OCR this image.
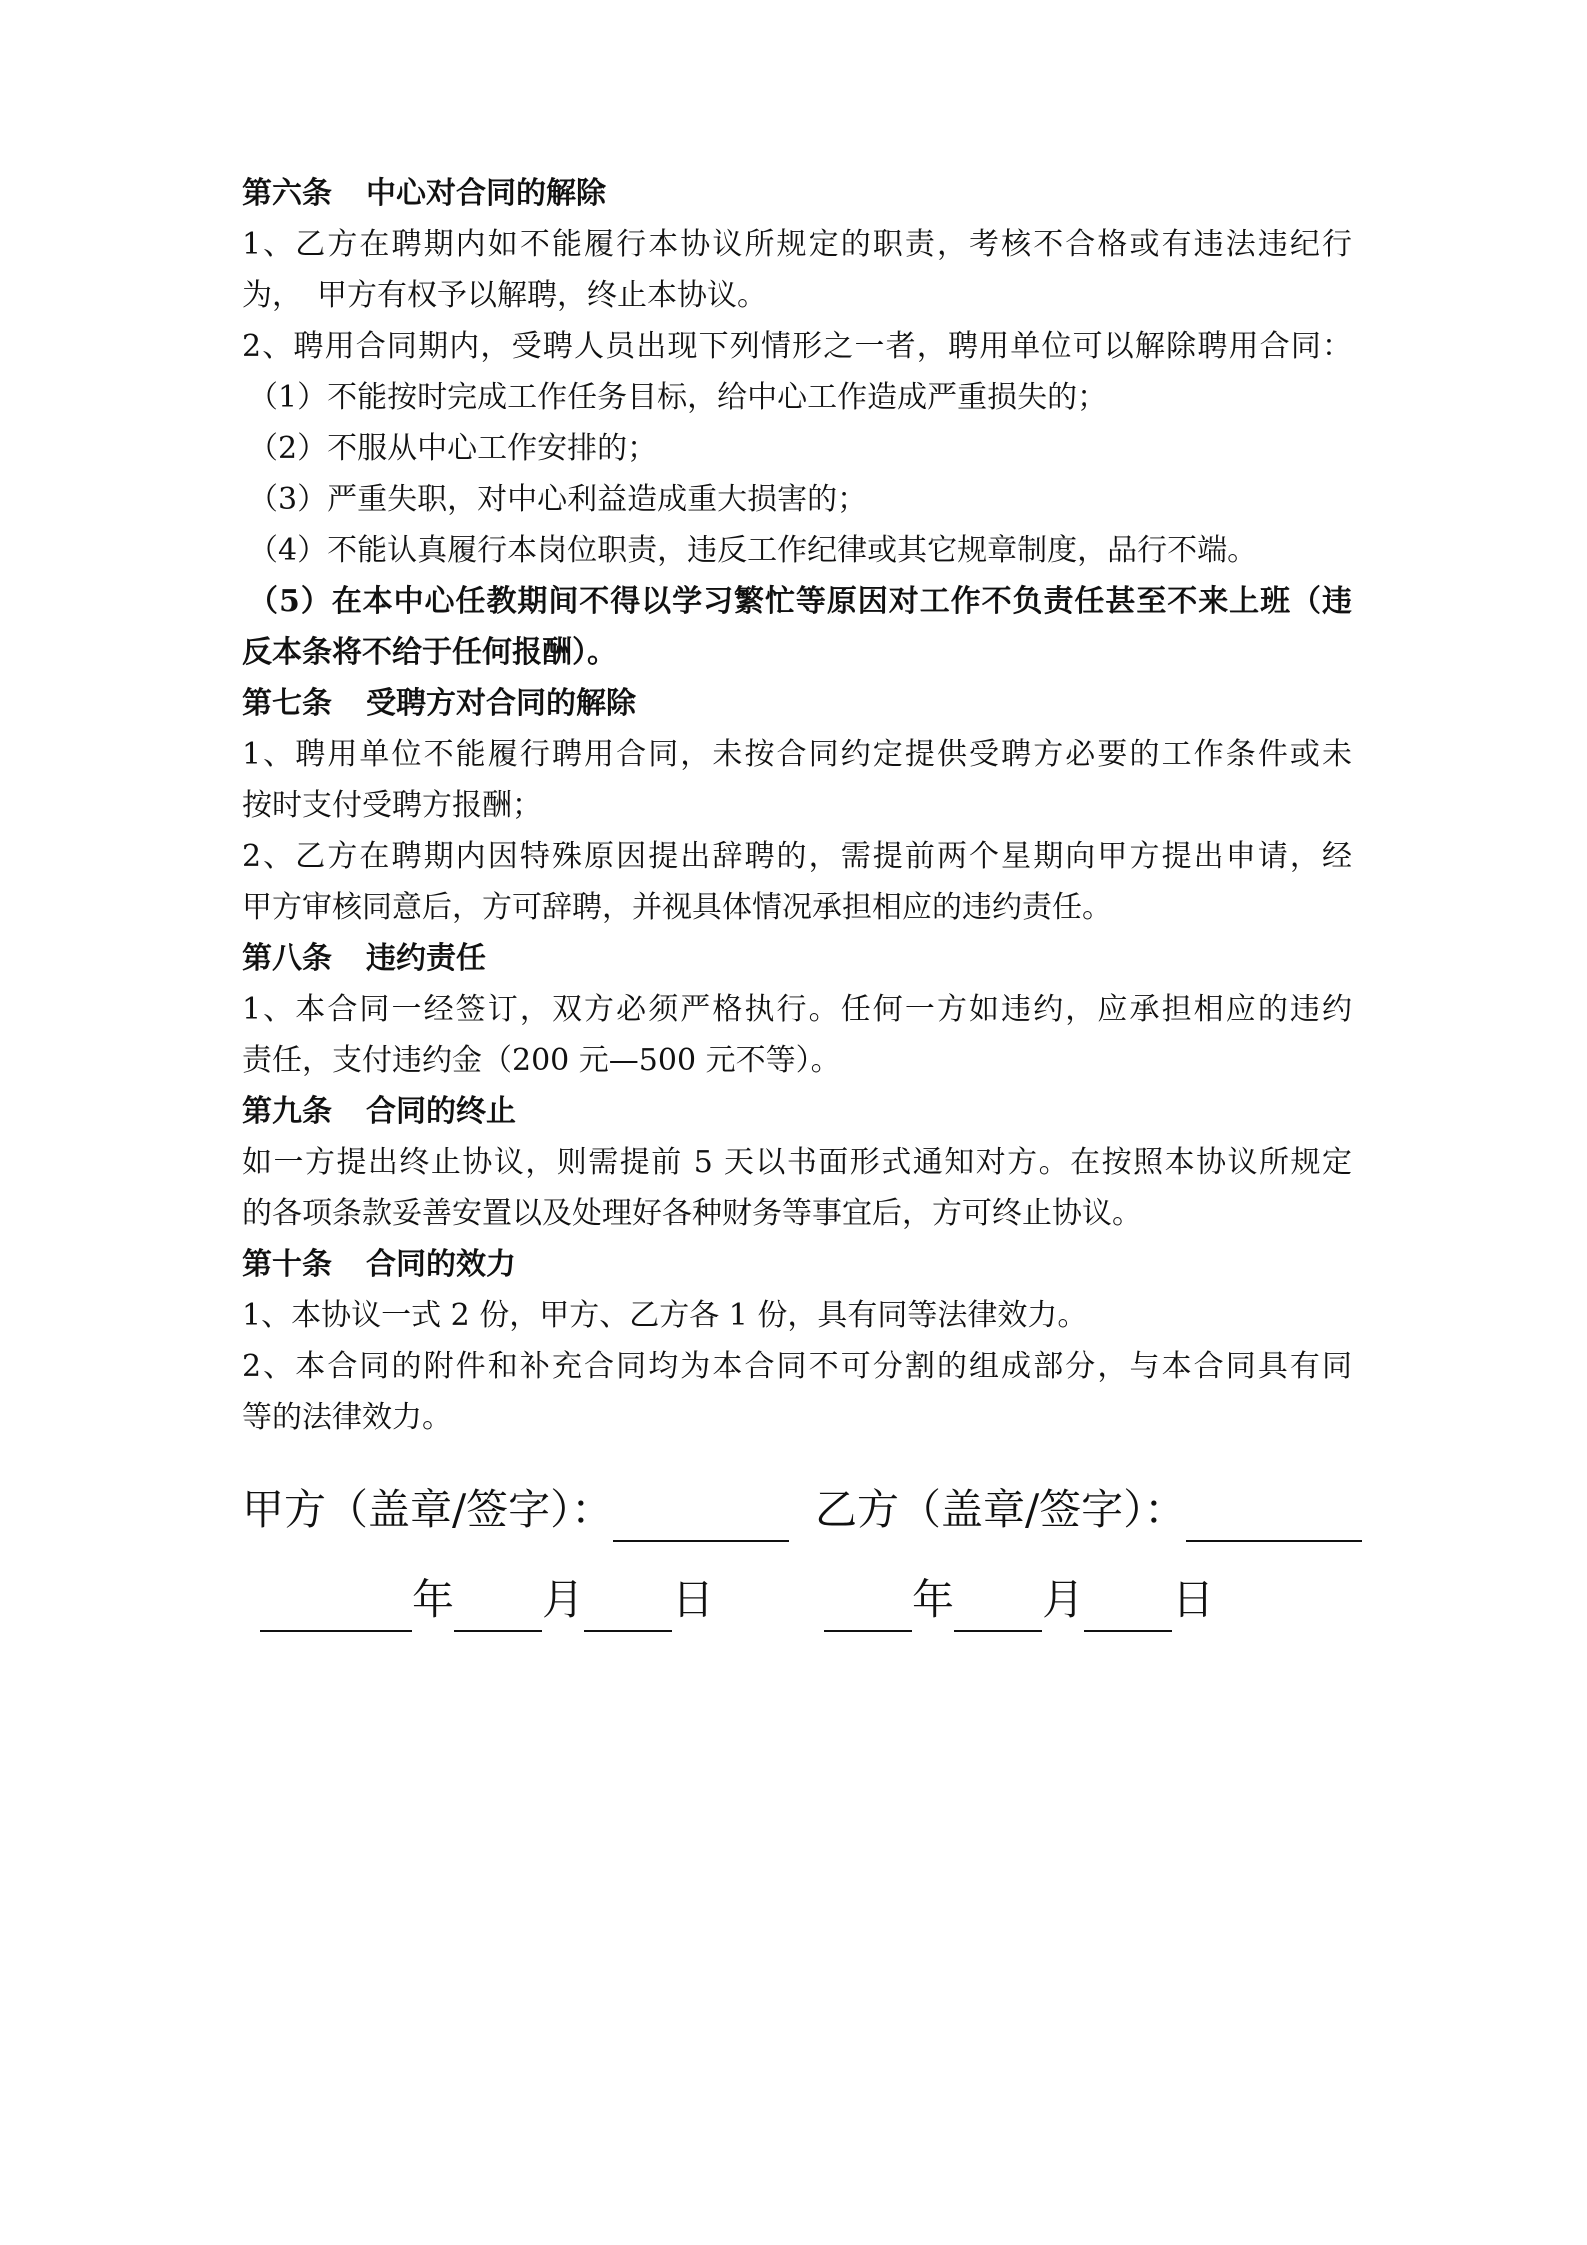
第六条 中心对合同的解除
1、乙方在聘期内如不能履行本协议所规定的职责，考核不合格或有违法违纪行
为，　甲方有权予以解聘，终止本协议。
2、聘用合同期内，受聘人员出现下列情形之一者，聘用单位可以解除聘用合同：
（1）不能按时完成工作任务目标，给中心工作造成严重损失的；
（2）不服从中心工作安排的；
（3）严重失职，对中心利益造成重大损害的；
（4）不能认真履行本岗位职责，违反工作纪律或其它规章制度，品行不端。
（5）在本中心任教期间不得以学习繁忙等原因对工作不负责任甚至不来上班（违
反本条将不给于任何报酬）。
第七条 受聘方对合同的解除
1、聘用单位不能履行聘用合同，未按合同约定提供受聘方必要的工作条件或未
按时支付受聘方报酬；
2、乙方在聘期内因特殊原因提出辞聘的，需提前两个星期向甲方提出申请，经
甲方审核同意后，方可辞聘，并视具体情况承担相应的违约责任。
第八条 违约责任
1、本合同一经签订，双方必须严格执行。任何一方如违约，应承担相应的违约
责任，支付违约金（200 元—500 元不等）。
第九条 合同的终止
如一方提出终止协议，则需提前 5 天以书面形式通知对方。在按照本协议所规定
的各项条款妥善安置以及处理好各种财务等事宜后，方可终止协议。
第十条 合同的效力
1、本协议一式 2 份，甲方、乙方各 1 份，具有同等法律效力。
2、本合同的附件和补充合同均为本合同不可分割的组成部分，与本合同具有同
等的法律效力。
甲方（盖章/签字）：	乙方（盖章/签字）：
年 月 日	年 月 日
